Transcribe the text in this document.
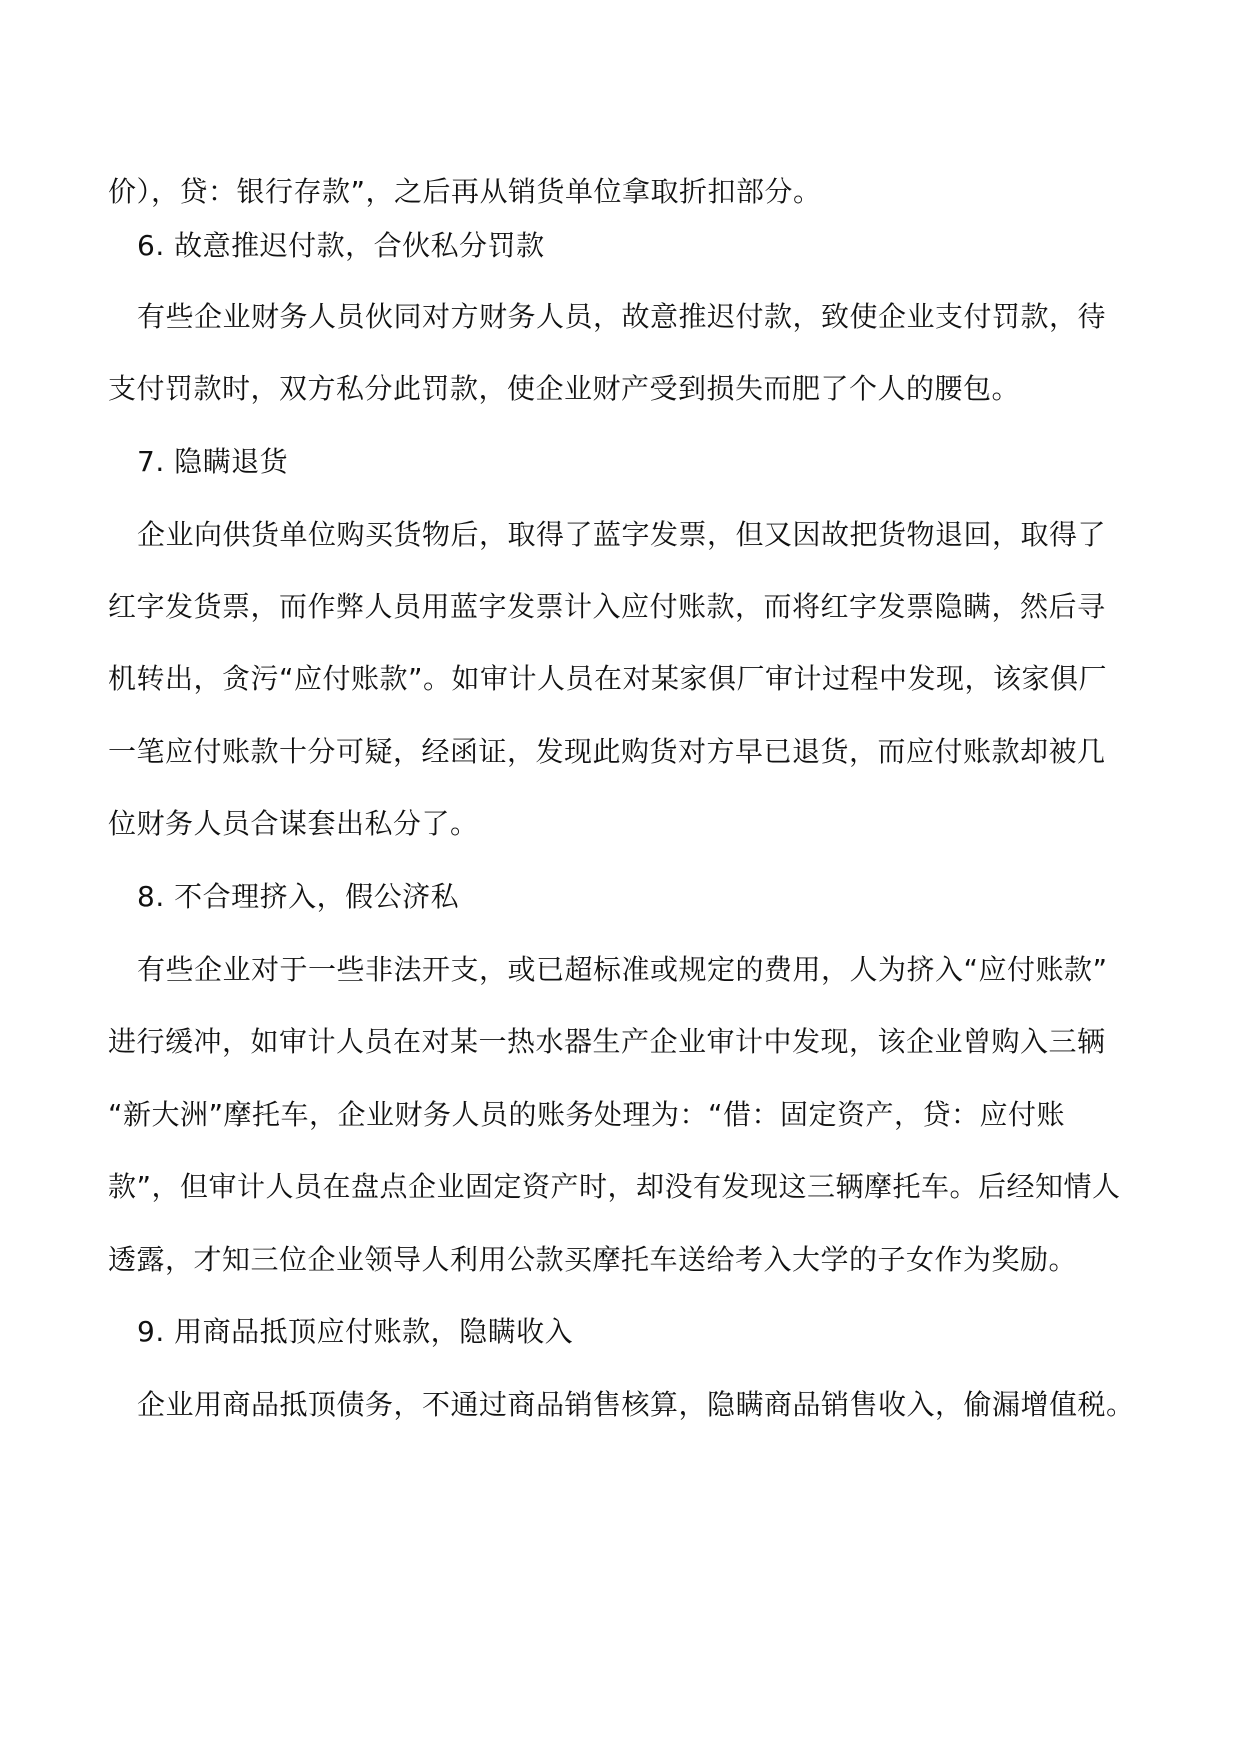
价），贷：银行存款”，之后再从销货单位拿取折扣部分。
6. 故意推迟付款，合伙私分罚款
有些企业财务人员伙同对方财务人员，故意推迟付款，致使企业支付罚款，待
支付罚款时，双方私分此罚款，使企业财产受到损失而肥了个人的腰包。
7. 隐瞒退货
企业向供货单位购买货物后，取得了蓝字发票，但又因故把货物退回，取得了
红字发货票，而作弊人员用蓝字发票计入应付账款，而将红字发票隐瞒，然后寻
机转出，贪污“应付账款”。如审计人员在对某家俱厂审计过程中发现，该家俱厂
一笔应付账款十分可疑，经函证，发现此购货对方早已退货，而应付账款却被几
位财务人员合谋套出私分了。
8. 不合理挤入，假公济私
有些企业对于一些非法开支，或已超标准或规定的费用，人为挤入“应付账款”
进行缓冲，如审计人员在对某一热水器生产企业审计中发现，该企业曾购入三辆
“新大洲”摩托车，企业财务人员的账务处理为：“借：固定资产，贷：应付账
款”，但审计人员在盘点企业固定资产时，却没有发现这三辆摩托车。后经知情人
透露，才知三位企业领导人利用公款买摩托车送给考入大学的子女作为奖励。
9. 用商品抵顶应付账款，隐瞒收入
企业用商品抵顶债务，不通过商品销售核算，隐瞒商品销售收入，偷漏增值税。
